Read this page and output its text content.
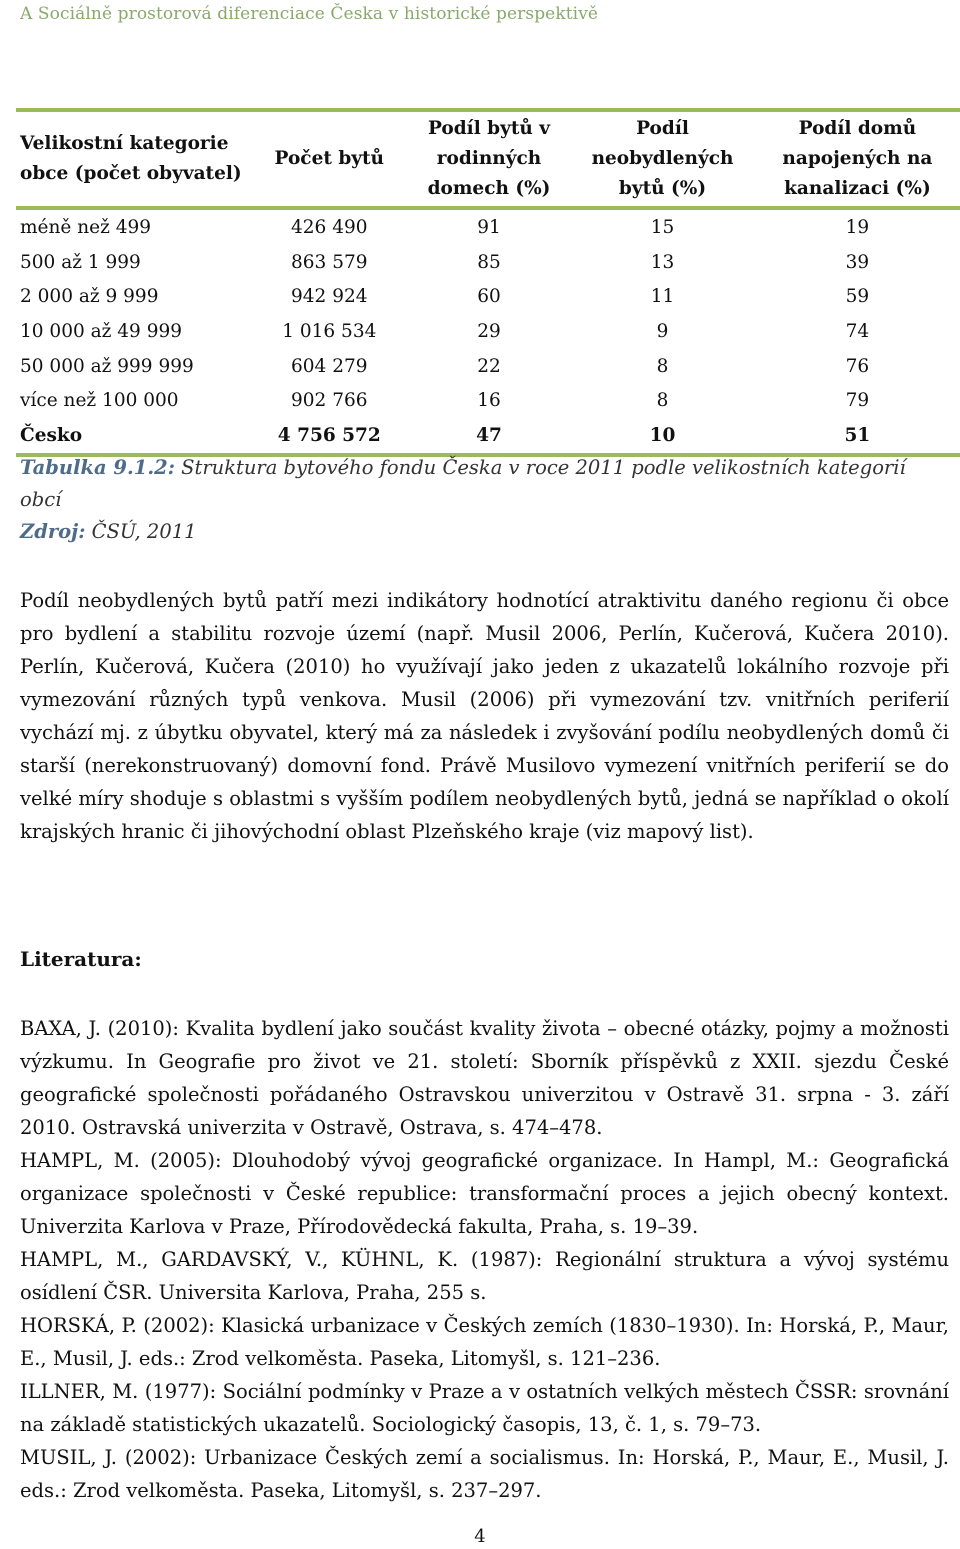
A Sociálně prostorová diferenciace Česka v historické perspektivě
Velikostní kategorie obce (počet obyvatel)	Počet bytů	Podíl bytů v rodinných domech (%)	Podíl neobydlených bytů (%)	Podíl domů napojených na kanalizaci (%)
méně než 499	426 490	91	15	19
500 až 1 999	863 579	85	13	39
2 000 až 9 999	942 924	60	11	59
10 000 až 49 999	1 016 534	29	9	74
50 000 až 999 999	604 279	22	8	76
více než 100 000	902 766	16	8	79
Česko	4 756 572	47	10	51
Tabulka 9.1.2: Struktura bytového fondu Česka v roce 2011 podle velikostních kategorií obcí
Zdroj: ČSÚ, 2011

Podíl neobydlených bytů patří mezi indikátory hodnotící atraktivitu daného regionu či obce pro bydlení a stabilitu rozvoje území (např. Musil 2006, Perlín, Kučerová, Kučera 2010). Perlín, Kučerová, Kučera (2010) ho využívají jako jeden z ukazatelů lokálního rozvoje při vymezování různých typů venkova. Musil (2006) při vymezování tzv. vnitřních periferií vychází mj. z úbytku obyvatel, který má za následek i zvyšování podílu neobydlených domů či starší (nerekonstruovaný) domovní fond. Právě Musilovo vymezení vnitřních periferií se do velké míry shoduje s oblastmi s vyšším podílem neobydlených bytů, jedná se například o okolí krajských hranic či jihovýchodní oblast Plzeňského kraje (viz mapový list).

Literatura:

BAXA, J. (2010): Kvalita bydlení jako součást kvality života – obecné otázky, pojmy a možnosti výzkumu. In Geografie pro život ve 21. století: Sborník příspěvků z XXII. sjezdu České geografické společnosti pořádaného Ostravskou univerzitou v Ostravě 31. srpna - 3. září 2010. Ostravská univerzita v Ostravě, Ostrava, s. 474–478.

HAMPL, M. (2005): Dlouhodobý vývoj geografické organizace. In Hampl, M.: Geografická organizace společnosti v České republice: transformační proces a jejich obecný kontext. Univerzita Karlova v Praze, Přírodovědecká fakulta, Praha, s. 19–39.

HAMPL, M., GARDAVSKÝ, V., KÜHNL, K. (1987): Regionální struktura a vývoj systému osídlení ČSR. Universita Karlova, Praha, 255 s.

HORSKÁ, P. (2002): Klasická urbanizace v Českých zemích (1830–1930). In: Horská, P., Maur, E., Musil, J. eds.: Zrod velkoměsta. Paseka, Litomyšl, s. 121–236.

ILLNER, M. (1977): Sociální podmínky v Praze a v ostatních velkých městech ČSSR: srovnání na základě statistických ukazatelů. Sociologický časopis, 13, č. 1, s. 79–73.

MUSIL, J. (2002): Urbanizace Českých zemí a socialismus. In: Horská, P., Maur, E., Musil, J. eds.: Zrod velkoměsta. Paseka, Litomyšl, s. 237–297.

4
